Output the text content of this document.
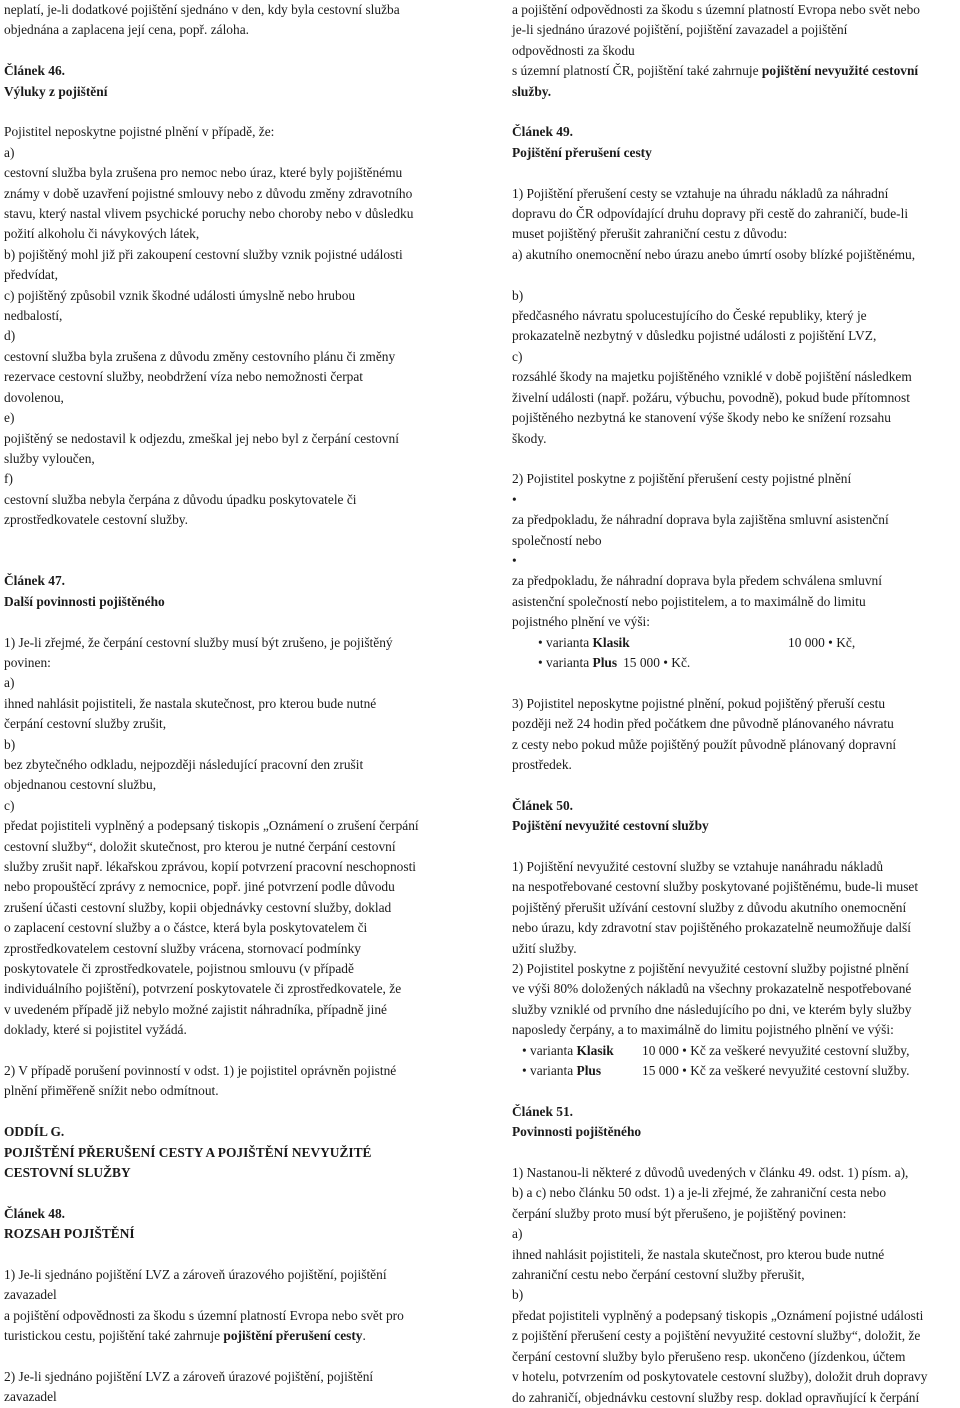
neplatí, je-li dodatkové pojištění sjednáno v den, kdy byla cestovní služba
objednána a zaplacena její cena, popř. záloha.

Článek 46.

Výluky z pojištění

Pojistitel neposkytne pojistné plnění v případě, že:
a)
cestovní služba byla zrušena pro nemoc nebo úraz, které byly pojištěnému
známy v době uzavření pojistné smlouvy nebo z důvodu změny zdravotního
stavu, který nastal vlivem psychické poruchy nebo choroby nebo v důsledku
požití alkoholu či návykových látek,
b) pojištěný mohl již při zakoupení cestovní služby vznik pojistné události
předvídat,
c) pojištěný způsobil vznik škodné události úmyslně nebo hrubou
nedbalostí,
d)
cestovní služba byla zrušena z důvodu změny cestovního plánu či změny
rezervace cestovní služby, neobdržení víza nebo nemožnosti čerpat
dovolenou,
e)
pojištěný se nedostavil k odjezdu, zmeškal jej nebo byl z čerpání cestovní
služby vyloučen,
f)
cestovní služba nebyla čerpána z důvodu úpadku poskytovatele či
zprostředkovatele cestovní služby.

Článek 47.

Další povinnosti pojištěného

1) Je-li zřejmé, že čerpání cestovní služby musí být zrušeno, je pojištěný
povinen:
a)
ihned nahlásit pojistiteli, že nastala skutečnost, pro kterou bude nutné
čerpání cestovní služby zrušit,
b)
bez zbytečného odkladu, nejpozději následující pracovní den zrušit
objednanou cestovní službu,
c)
předat pojistiteli vyplněný a podepsaný tiskopis „Oznámení o zrušení čerpání
cestovní služby“, doložit skutečnost, pro kterou je nutné čerpání cestovní
služby zrušit např. lékařskou zprávou, kopií potvrzení pracovní neschopnosti
nebo propouštěcí zprávy z nemocnice, popř. jiné potvrzení podle důvodu
zrušení účasti cestovní služby, kopii objednávky cestovní služby, doklad
o zaplacení cestovní služby a o částce, která byla poskytovatelem či
zprostředkovatelem cestovní služby vrácena, stornovací podmínky
poskytovatele či zprostředkovatele, pojistnou smlouvu (v případě
individuálního pojištění), potvrzení poskytovatele či zprostředkovatele, že
v uvedeném případě již nebylo možné zajistit náhradníka, případně jiné
doklady, které si pojistitel vyžádá.

2) V případě porušení povinností v odst. 1) je pojistitel oprávněn pojistné
plnění přiměřeně snížit nebo odmítnout.

ODDÍL G.

POJIŠTĚNÍ PŘERUŠENÍ CESTY A POJIŠTĚNÍ NEVYUŽITÉ
CESTOVNÍ SLUŽBY

Článek 48.

ROZSAH POJIŠTĚNÍ

1) Je-li sjednáno pojištění LVZ a zároveň úrazového pojištění, pojištění
zavazadel
a pojištění odpovědnosti za škodu s územní platností Evropa nebo svět pro
turistickou cestu, pojištění také zahrnuje pojištění přerušení cesty.

2) Je-li sjednáno pojištění LVZ a zároveň úrazové pojištění, pojištění
zavazadel

a pojištění odpovědnosti za škodu s územní platností Evropa nebo svět nebo
je-li sjednáno úrazové pojištění, pojištění zavazadel a pojištění
odpovědnosti za škodu
s územní platností ČR, pojištění také zahrnuje pojištění nevyužité cestovní
služby.

Článek 49.

Pojištění přerušení cesty

1) Pojištění přerušení cesty se vztahuje na úhradu nákladů za náhradní
dopravu do ČR odpovídající druhu dopravy při cestě do zahraničí, bude-li
muset pojištěný přerušit zahraniční cestu z důvodu:
a) akutního onemocnění nebo úrazu anebo úmrtí osoby blízké pojištěnému,

b)
předčasného návratu spolucestujícího do České republiky, který je
prokazatelně nezbytný v důsledku pojistné události z pojištění LVZ,
c)
rozsáhlé škody na majetku pojištěného vzniklé v době pojištění následkem
živelní události (např. požáru, výbuchu, povodně), pokud bude přítomnost
pojištěného nezbytná ke stanovení výše škody nebo ke snížení rozsahu
škody.

2) Pojistitel poskytne z pojištění přerušení cesty pojistné plnění
•
za předpokladu, že náhradní doprava byla zajištěna smluvní asistenční
společností nebo
•
za předpokladu, že náhradní doprava byla předem schválena smluvní
asistenční společností nebo pojistitelem, a to maximálně do limitu
pojistného plnění ve výši:

• varianta Klasik	10 000 • Kč,
• varianta Plus 15 000 • Kč.

3) Pojistitel neposkytne pojistné plnění, pokud pojištěný přeruší cestu
později než 24 hodin před počátkem dne původně plánovaného návratu
z cesty nebo pokud může pojištěný použít původně plánovaný dopravní
prostředek.

Článek 50.

Pojištění nevyužité cestovní služby

1) Pojištění nevyužité cestovní služby se vztahuje nanáhradu nákladů
na nespotřebované cestovní služby poskytované pojištěnému, bude-li muset
pojištěný přerušit užívání cestovní služby z důvodu akutního onemocnění
nebo úrazu, kdy zdravotní stav pojištěného prokazatelně neumožňuje další
užití služby.
2) Pojistitel poskytne z pojištění nevyužité cestovní služby pojistné plnění
ve výši 80% doložených nákladů na všechny prokazatelně nespotřebované
služby vzniklé od prvního dne následujícího po dni, ve kterém byly služby
naposledy čerpány, a to maximálně do limitu pojistného plnění ve výši:

• varianta Klasik	10 000 • Kč za veškeré nevyužité cestovní služby,
• varianta Plus	15 000 • Kč za veškeré nevyužité cestovní služby.

Článek 51.

Povinnosti pojištěného

1) Nastanou-li některé z důvodů uvedených v článku 49. odst. 1) písm. a),
b) a c) nebo článku 50 odst. 1) a je-li zřejmé, že zahraniční cesta nebo
čerpání služby proto musí být přerušeno, je pojištěný povinen:
a)
ihned nahlásit pojistiteli, že nastala skutečnost, pro kterou bude nutné
zahraniční cestu nebo čerpání cestovní služby přerušit,
b)
předat pojistiteli vyplněný a podepsaný tiskopis „Oznámení pojistné události
z pojištění přerušení cesty a pojištění nevyužité cestovní služby“, doložit, že
čerpání cestovní služby bylo přerušeno resp. ukončeno (jízdenkou, účtem
v hotelu, potvrzením od poskytovatele cestovní služby), doložit druh dopravy
do zahraničí, objednávku cestovní služby resp. doklad opravňující k čerpání
